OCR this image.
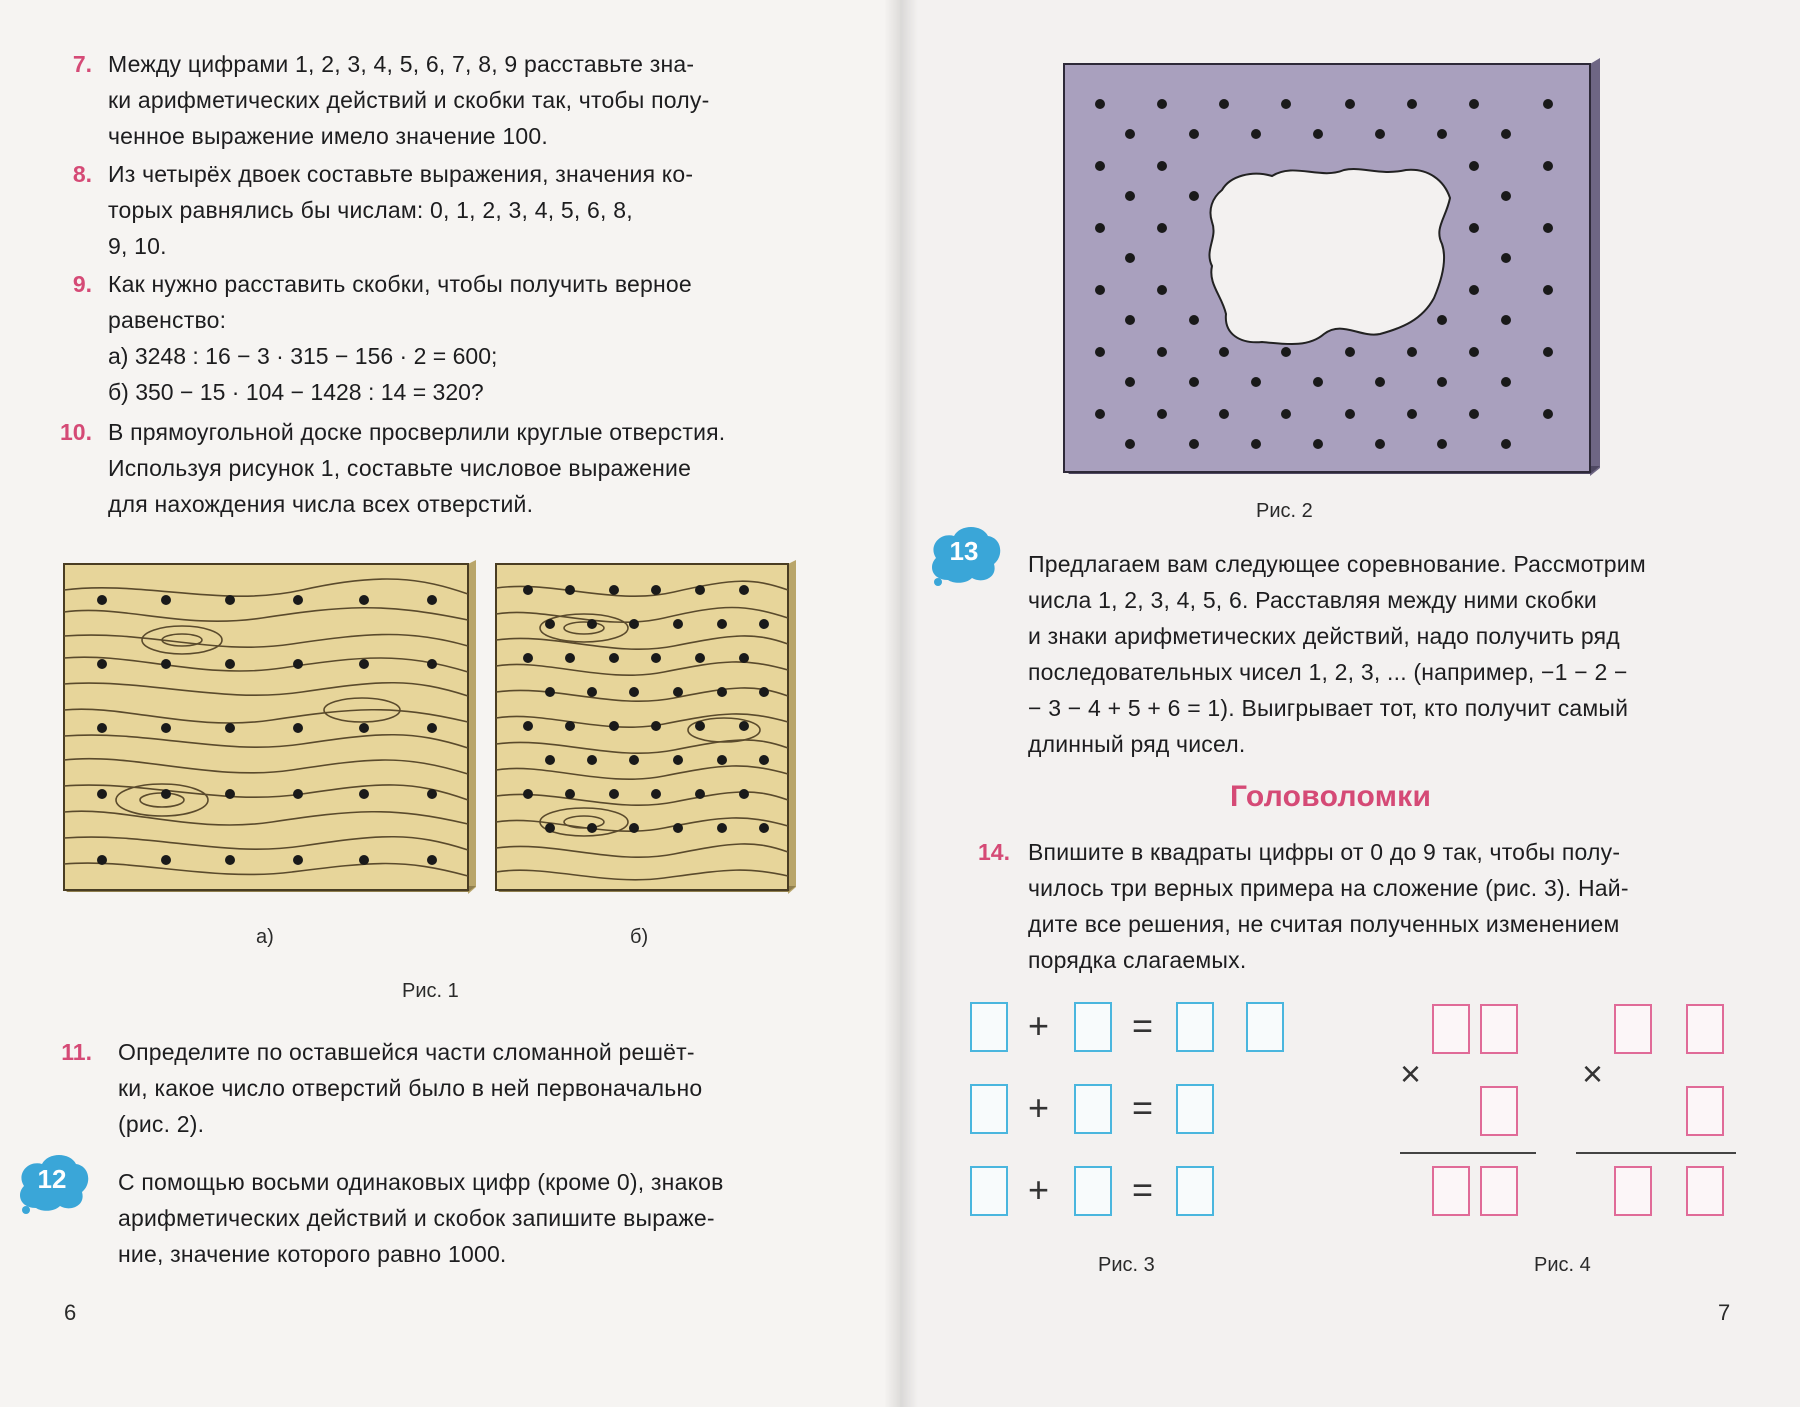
7. Между цифрами 1, 2, 3, 4, 5, 6, 7, 8, 9 расставьте зна-
ки арифметических действий и скобки так, чтобы полу-
ченное выражение имело значение 100.
8. Из четырёх двоек составьте выражения, значения ко-
торых равнялись бы числам: 0, 1, 2, 3, 4, 5, 6, 8,
9, 10.
9. Как нужно расставить скобки, чтобы получить верное
равенство:
а) 3248 : 16 − 3 · 315 − 156 · 2 = 600;
б) 350 − 15 · 104 − 1428 : 14 = 320?
10. В прямоугольной доске просверлили круглые отверстия.
Используя рисунок 1, составьте числовое выражение
для нахождения числа всех отверстий.
а)	б)
Рис. 1
11. Определите по оставшейся части сломанной решёт-
ки, какое число отверстий было в ней первоначально
(рис. 2).
12	С помощью восьми одинаковых цифр (кроме 0), знаков
арифметических действий и скобок запишите выраже-
ние, значение которого равно 1000.
6
Рис. 2
13	Предлагаем вам следующее соревнование. Рассмотрим
числа 1, 2, 3, 4, 5, 6. Расставляя между ними скобки
и знаки арифметических действий, надо получить ряд
последовательных чисел 1, 2, 3, ... (например, −1 − 2 −
− 3 − 4 + 5 + 6 = 1). Выигрывает тот, кто получит самый
длинный ряд чисел.
Головоломки
14. Впишите в квадраты цифры от 0 до 9 так, чтобы полу-
чилось три верных примера на сложение (рис. 3). Най-
дите все решения, не считая полученных изменением
порядка слагаемых.
+ =
+ =
+ =
Рис. 3
×	×
Рис. 4
7
